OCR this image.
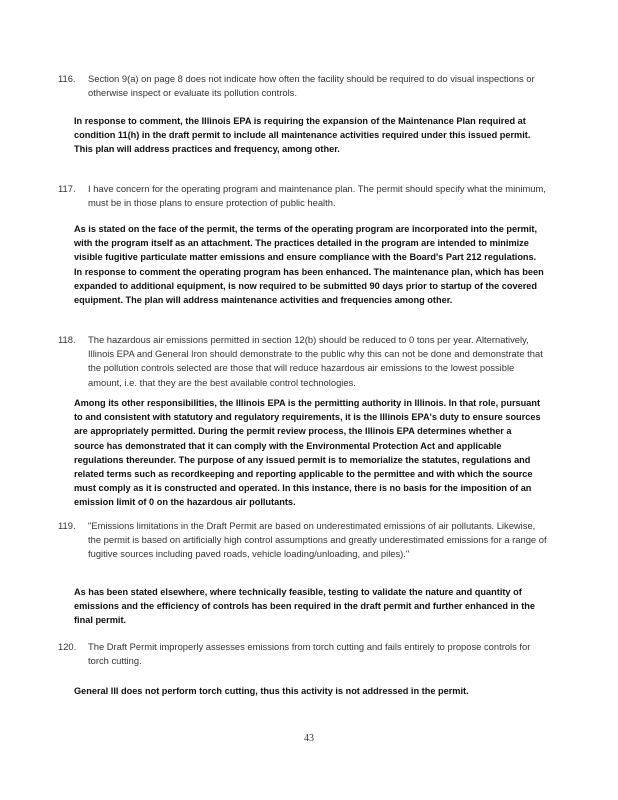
116. Section 9(a) on page 8 does not indicate how often the facility should be required to do visual inspections or otherwise inspect or evaluate its pollution controls.
In response to comment, the Illinois EPA is requiring the expansion of the Maintenance Plan required at condition 11(h) in the draft permit to include all maintenance activities required under this issued permit. This plan will address practices and frequency, among other.
117. I have concern for the operating program and maintenance plan. The permit should specify what the minimum, must be in those plans to ensure protection of public health.
As is stated on the face of the permit, the terms of the operating program are incorporated into the permit, with the program itself as an attachment. The practices detailed in the program are intended to minimize visible fugitive particulate matter emissions and ensure compliance with the Board's Part 212 regulations. In response to comment the operating program has been enhanced. The maintenance plan, which has been expanded to additional equipment, is now required to be submitted 90 days prior to startup of the covered equipment. The plan will address maintenance activities and frequencies among other.
118. The hazardous air emissions permitted in section 12(b) should be reduced to 0 tons per year. Alternatively, Illinois EPA and General Iron should demonstrate to the public why this can not be done and demonstrate that the pollution controls selected are those that will reduce hazardous air emissions to the lowest possible amount, i.e. that they are the best available control technologies.
Among its other responsibilities, the Illinois EPA is the permitting authority in Illinois. In that role, pursuant to and consistent with statutory and regulatory requirements, it is the Illinois EPA's duty to ensure sources are appropriately permitted. During the permit review process, the Illinois EPA determines whether a source has demonstrated that it can comply with the Environmental Protection Act and applicable regulations thereunder. The purpose of any issued permit is to memorialize the statutes, regulations and related terms such as recordkeeping and reporting applicable to the permittee and with which the source must comply as it is constructed and operated. In this instance, there is no basis for the imposition of an emission limit of 0 on the hazardous air pollutants.
119. "Emissions limitations in the Draft Permit are based on underestimated emissions of air pollutants. Likewise, the permit is based on artificially high control assumptions and greatly underestimated emissions for a range of fugitive sources including paved roads, vehicle loading/unloading, and piles)."
As has been stated elsewhere, where technically feasible, testing to validate the nature and quantity of emissions and the efficiency of controls has been required in the draft permit and further enhanced in the final permit.
120. The Draft Permit improperly assesses emissions from torch cutting and fails entirely to propose controls for torch cutting.
General III does not perform torch cutting, thus this activity is not addressed in the permit.
43
